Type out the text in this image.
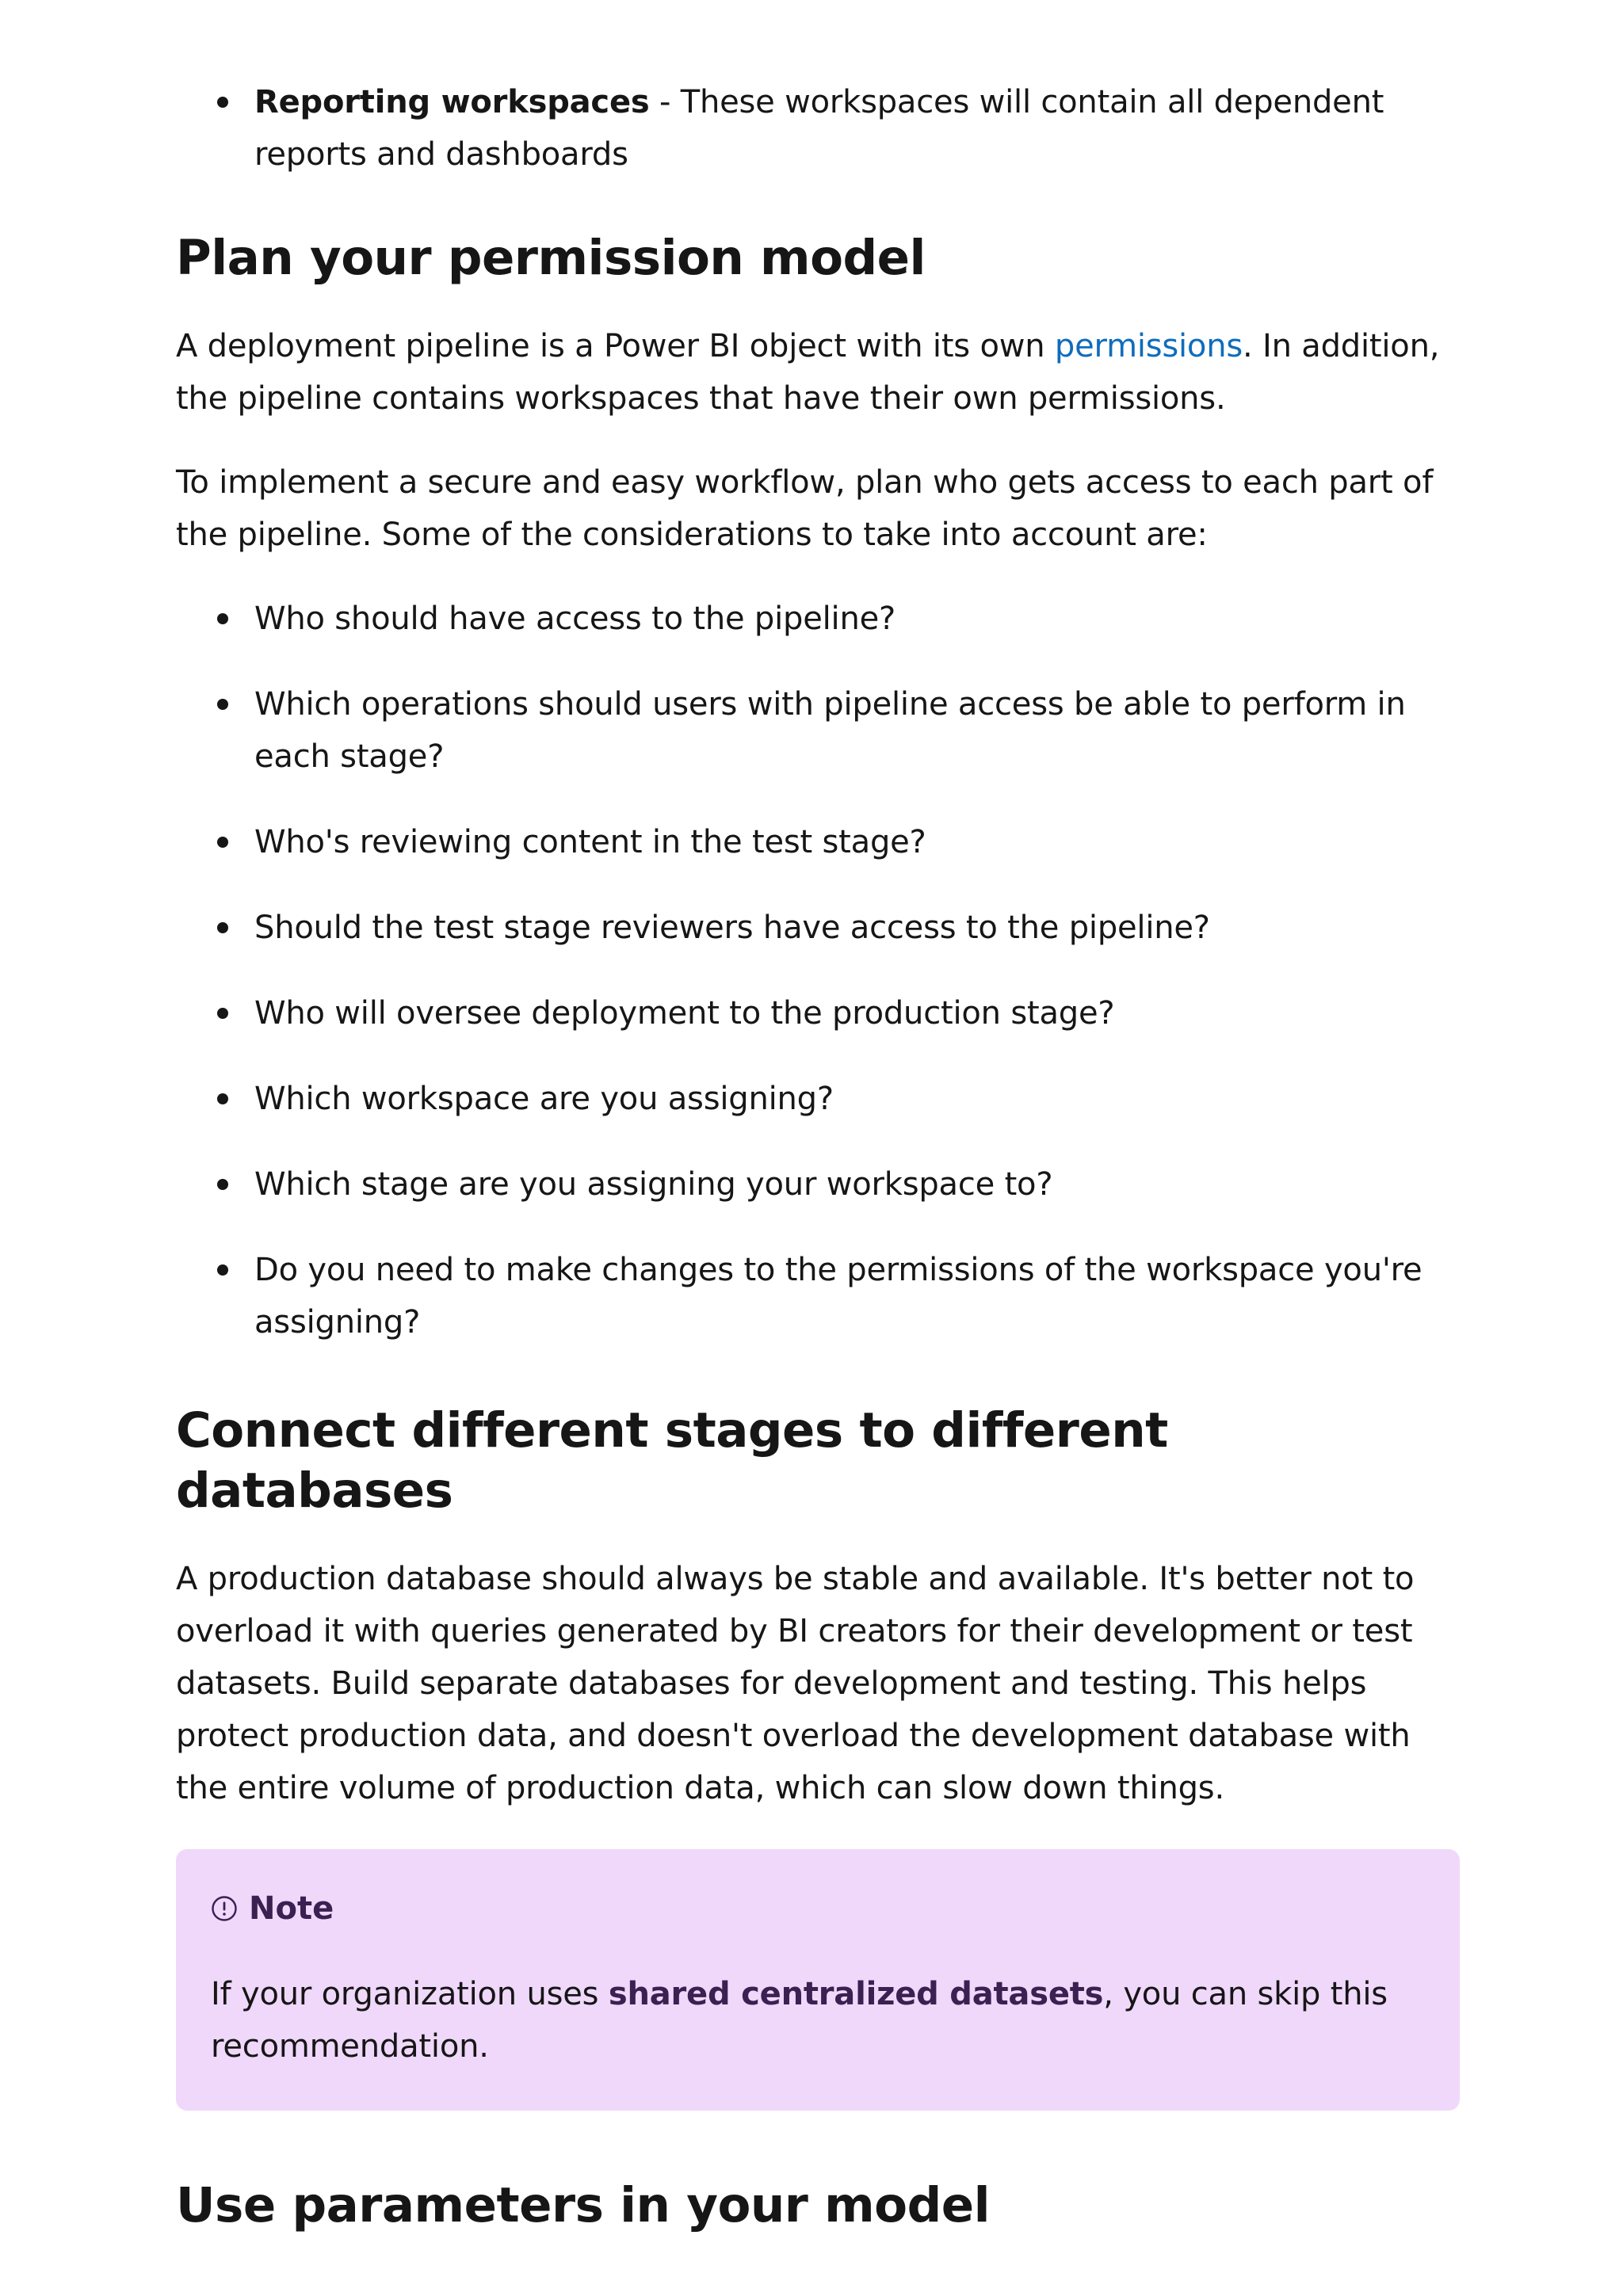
Reporting workspaces - These workspaces will contain all dependent reports and dashboards
Plan your permission model

A deployment pipeline is a Power BI object with its own permissions. In addition, the pipeline contains workspaces that have their own permissions.

To implement a secure and easy workflow, plan who gets access to each part of the pipeline. Some of the considerations to take into account are:

Who should have access to the pipeline?
Which operations should users with pipeline access be able to perform in each stage?
Who's reviewing content in the test stage?
Should the test stage reviewers have access to the pipeline?
Who will oversee deployment to the production stage?
Which workspace are you assigning?
Which stage are you assigning your workspace to?
Do you need to make changes to the permissions of the workspace you're assigning?
Connect different stages to different databases

A production database should always be stable and available. It's better not to overload it with queries generated by BI creators for their development or test datasets. Build separate databases for development and testing. This helps protect production data, and doesn't overload the development database with the entire volume of production data, which can slow down things.

Note

If your organization uses shared centralized datasets, you can skip this recommendation.

Use parameters in your model
